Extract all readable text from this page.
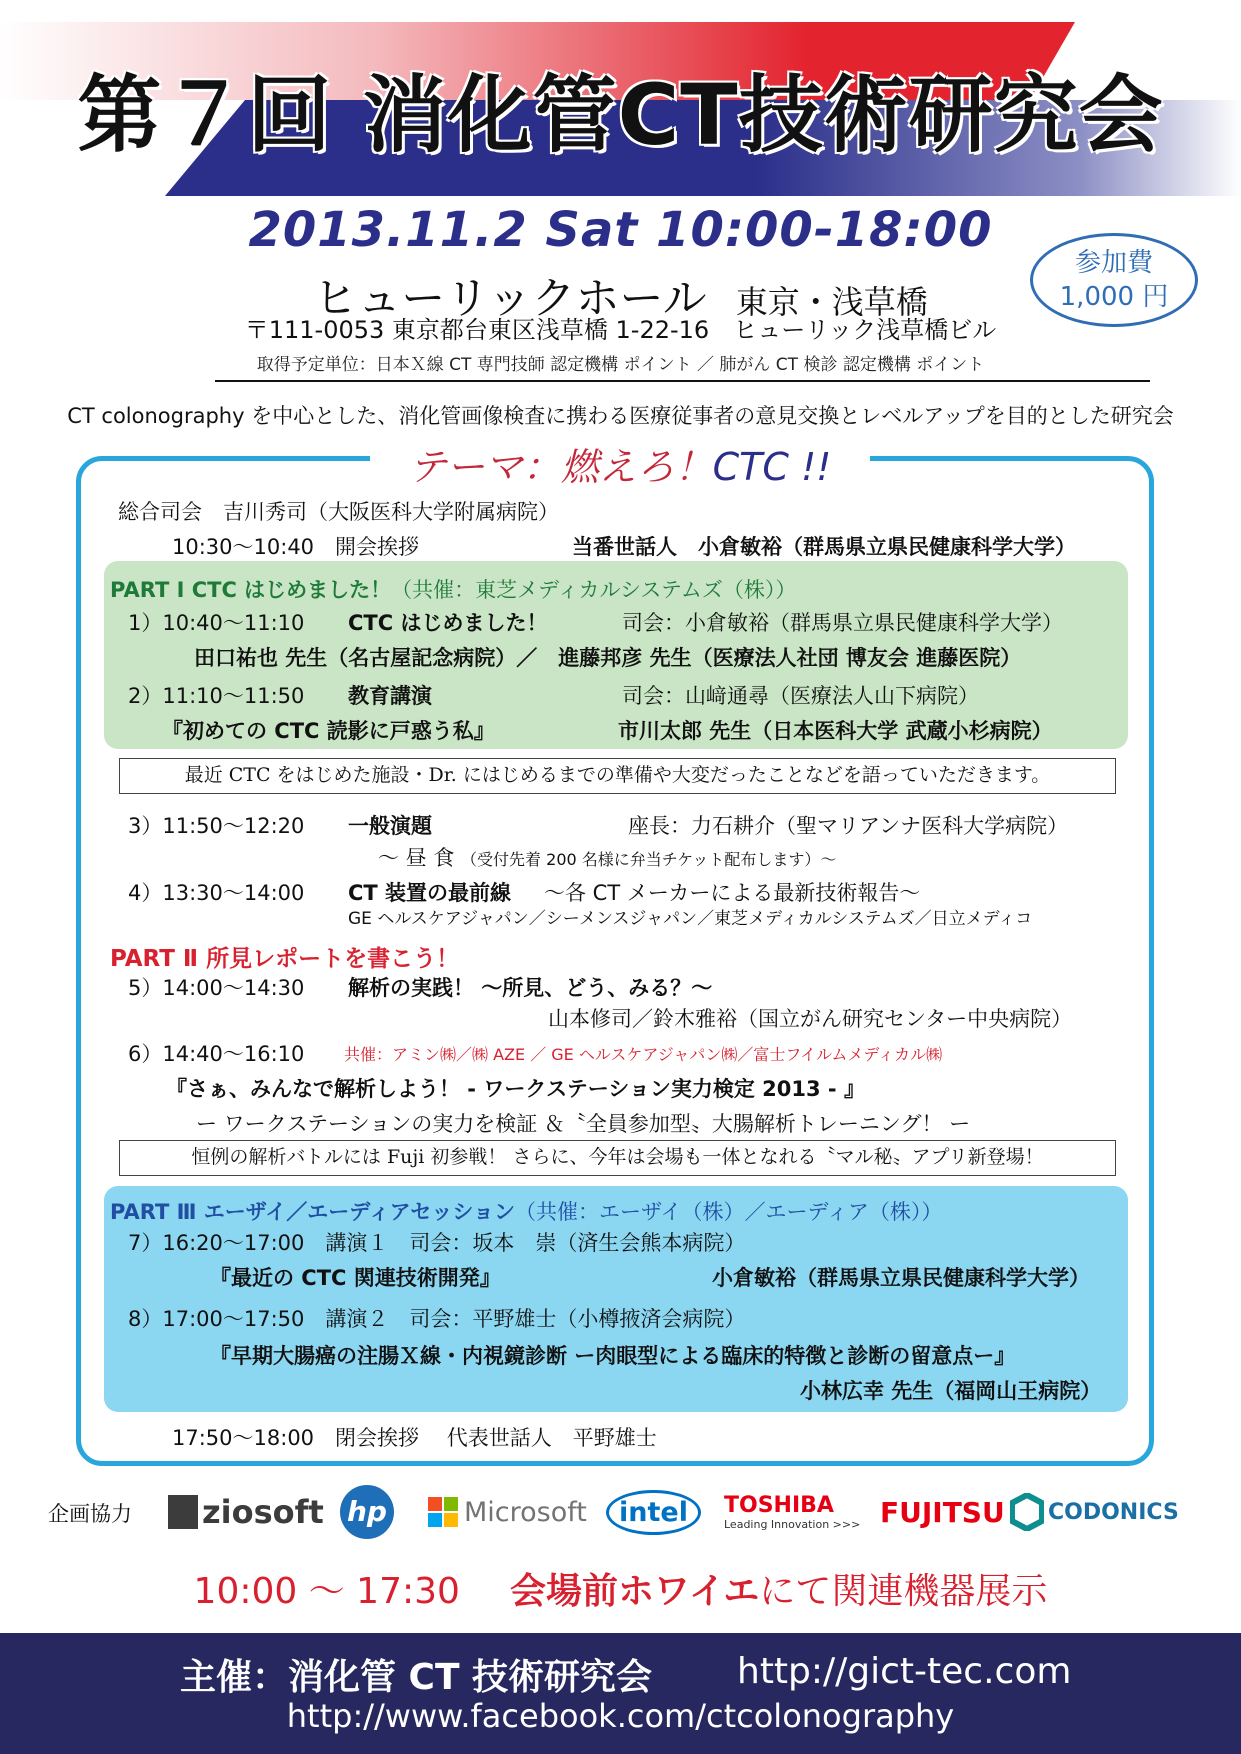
第７回 消化管CT技術研究会
2013.11.2 Sat 10:00-18:00
ヒューリックホール 東京・浅草橋
〒111-0053 東京都台東区浅草橋 1-22-16　ヒューリック浅草橋ビル
取得予定単位：日本Ｘ線 CT 専門技師 認定機構 ポイント ／ 肺がん CT 検診 認定機構 ポイント
参加費
1,000 円
CT colonography を中心とした、消化管画像検査に携わる医療従事者の意見交換とレベルアップを目的とした研究会
テーマ：燃えろ！CTC !!
総合司会　吉川秀司（大阪医科大学附属病院）
10:30〜10:40　開会挨拶	当番世話人　小倉敏裕（群馬県立県民健康科学大学）
PART Ⅰ CTC はじめました！（共催：東芝メディカルシステムズ（株））
1）10:40〜11:10 CTC はじめました！	司会：小倉敏裕（群馬県立県民健康科学大学）
田口祐也 先生（名古屋記念病院）／　進藤邦彦 先生（医療法人社団 博友会 進藤医院）
2）11:10〜11:50 教育講演	司会：山﨑通尋（医療法人山下病院）
『初めての CTC 読影に戸惑う私』	市川太郎 先生（日本医科大学 武蔵小杉病院）
最近 CTC をはじめた施設・Dr. にはじめるまでの準備や大変だったことなどを語っていただきます。
3）11:50〜12:20 一般演題	座長：力石耕介（聖マリアンナ医科大学病院）
〜 昼 食 （受付先着 200 名様に弁当チケット配布します）〜
4）13:30〜14:00 CT 装置の最前線 〜各 CT メーカーによる最新技術報告〜
GE ヘルスケアジャパン／シーメンスジャパン／東芝メディカルシステムズ／日立メディコ
PART Ⅱ 所見レポートを書こう！
5）14:00〜14:30 解析の実践！ 〜所見、どう、みる？〜
山本修司／鈴木雅裕（国立がん研究センター中央病院）
6）14:40〜16:10 共催：アミン㈱／㈱ AZE ／ GE ヘルスケアジャパン㈱／富士フイルムメディカル㈱
『さぁ、みんなで解析しよう！ - ワークステーション実力検定 2013 - 』
ー ワークステーションの実力を検証 ＆〝全員参加型〟大腸解析トレーニング！ ー
恒例の解析バトルには Fuji 初参戦！ さらに、今年は会場も一体となれる〝マル秘〟アプリ新登場！
PART Ⅲ エーザイ／エーディアセッション（共催：エーザイ（株）／エーディア（株））
7）16:20〜17:00　講演１　司会：坂本　崇（済生会熊本病院）
『最近の CTC 関連技術開発』	小倉敏裕（群馬県立県民健康科学大学）
8）17:00〜17:50　講演２　司会：平野雄士（小樽掖済会病院）
『早期大腸癌の注腸Ｘ線・内視鏡診断 ー肉眼型による臨床的特徴と診断の留意点ー』
小林広幸 先生（福岡山王病院）
17:50〜18:00　閉会挨拶　 代表世話人　平野雄士
企画協力 ziosoft hp	Microsoft	intel	TOSHIBA
Leading Innovation >>> FUJITSU CODONICS
10:00 〜 17:30 会場前ホワイエにて関連機器展示
主催：消化管 CT 技術研究会 http://gict-tec.com
http://www.facebook.com/ctcolonography
